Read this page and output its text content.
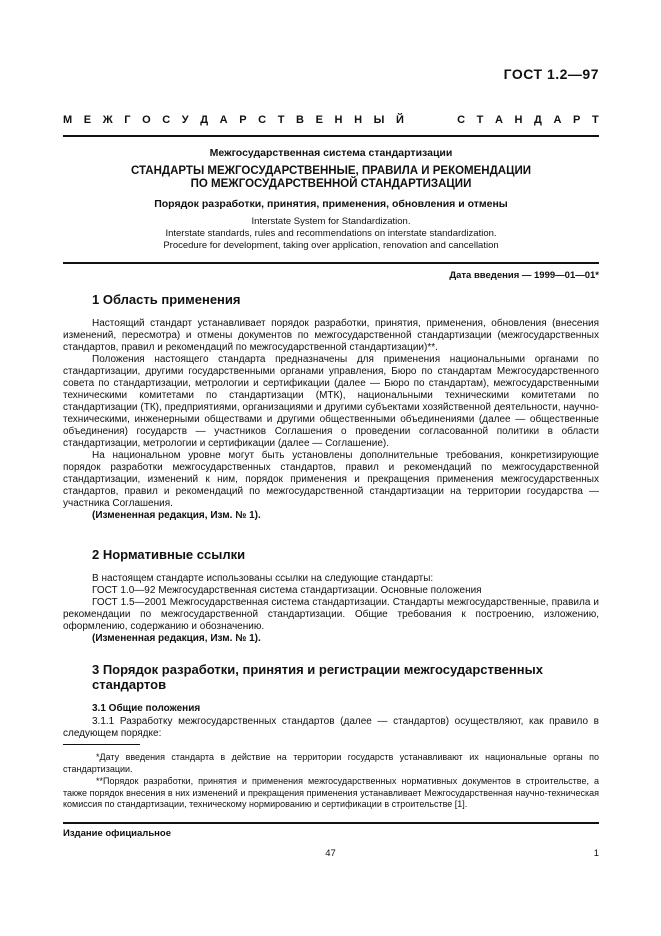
ГОСТ 1.2—97
М Е Ж Г О С У Д А Р С Т В Е Н Н Ы Й	С Т А Н Д А Р Т
Межгосударственная система стандартизации
СТАНДАРТЫ МЕЖГОСУДАРСТВЕННЫЕ, ПРАВИЛА И РЕКОМЕНДАЦИИ
ПО МЕЖГОСУДАРСТВЕННОЙ СТАНДАРТИЗАЦИИ
Порядок разработки, принятия, применения, обновления и отмены
Interstate System for Standardization.
Interstate standards, rules and recommendations on interstate standardization.
Procedure for development, taking over application, renovation and cancellation
Дата введения — 1999—01—01*
1 Область применения

Настоящий стандарт устанавливает порядок разработки, принятия, применения, обновления (внесения изменений, пересмотра) и отмены документов по межгосударственной стандартизации (межгосударственных стандартов, правил и рекомендаций по межгосударственной стандартизации)**.

Положения настоящего стандарта предназначены для применения национальными органами по стандартизации, другими государственными органами управления, Бюро по стандартам Межгосударственного совета по стандартизации, метрологии и сертификации (далее — Бюро по стандартам), межгосударственными техническими комитетами по стандартизации (МТК), национальными техническими комитетами по стандартизации (ТК), предприятиями, организациями и другими субъектами хозяйственной деятельности, научно-техническими, инженерными обществами и другими общественными объединениями (далее — общественные объединения) государств — участников Соглашения о проведении согласованной политики в области стандартизации, метрологии и сертификации (далее — Соглашение).

На национальном уровне могут быть установлены дополнительные требования, конкретизирующие порядок разработки межгосударственных стандартов, правил и рекомендаций по межгосударственной стандартизации, изменений к ним, порядок применения и прекращения применения межгосударственных стандартов, правил и рекомендаций по межгосударственной стандартизации на территории государства — участника Соглашения.

(Измененная редакция, Изм. № 1).

2 Нормативные ссылки

В настоящем стандарте использованы ссылки на следующие стандарты:

ГОСТ 1.0—92 Межгосударственная система стандартизации. Основные положения

ГОСТ 1.5—2001 Межгосударственная система стандартизации. Стандарты межгосударственные, правила и рекомендации по межгосударственной стандартизации. Общие требования к построению, изложению, оформлению, содержанию и обозначению.

(Измененная редакция, Изм. № 1).

3 Порядок разработки, принятия и регистрации межгосударственных
стандартов
3.1 Общие положения

3.1.1 Разработку межгосударственных стандартов (далее — стандартов) осуществляют, как правило в следующем порядке:

*Дату введения стандарта в действие на территории государств устанавливают их национальные органы по стандартизации.

**Порядок разработки, принятия и применения межгосударственных нормативных документов в строительстве, а также порядок внесения в них изменений и прекращения применения устанавливает Межгосударственная научно-техническая комиссия по стандартизации, техническому нормированию и сертификации в строительстве [1].

Издание официальное
47	1
